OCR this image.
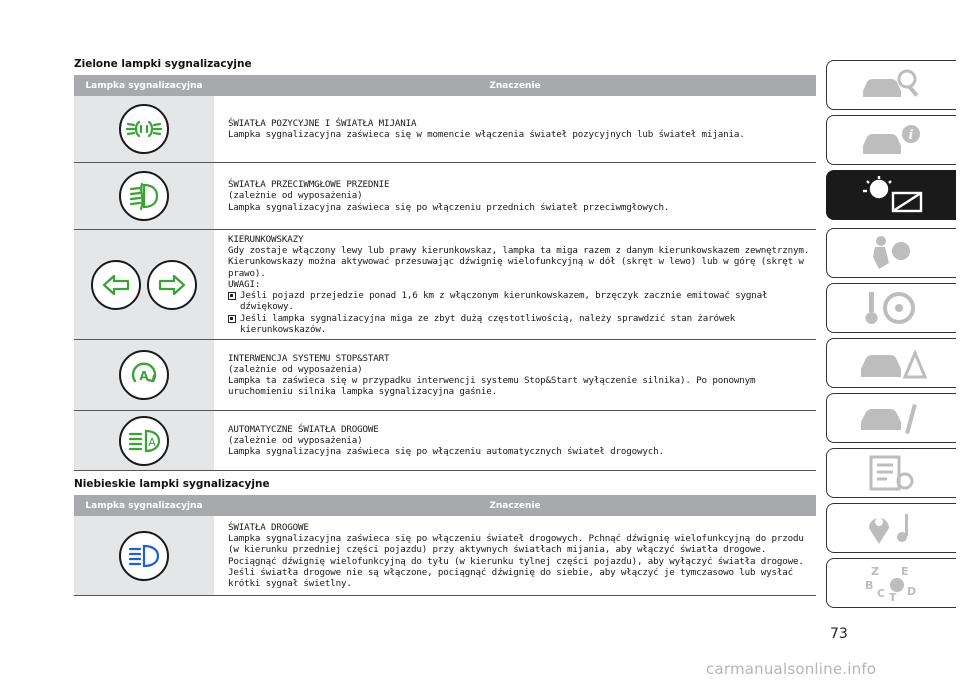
Zielone lampki sygnalizacyjne
Lampka sygnalizacyjna	Znaczenie

ŚWIATŁA POZYCYJNE I ŚWIATŁA MIJANIA

Lampka sygnalizacyjna zaświeca się w momencie włączenia świateł pozycyjnych lub świateł mijania.

ŚWIATŁA PRZECIWMGŁOWE PRZEDNIE

(zależnie od wyposażenia)

Lampka sygnalizacyjna zaświeca się po włączeniu przednich świateł przeciwmgłowych.

KIERUNKOWSKAZY

Gdy zostaje włączony lewy lub prawy kierunkowskaz, lampka ta miga razem z danym kierunkowskazem zewnętrznym. Kierunkowskazy można aktywować przesuwając dźwignię wielofunkcyjną w dół (skręt w lewo) lub w górę (skręt w prawo).

UWAGI:

Jeśli pojazd przejedzie ponad 1,6 km z włączonym kierunkowskazem, brzęczyk zacznie emitować sygnał dźwiękowy.
Jeśli lampka sygnalizacyjna miga ze zbyt dużą częstotliwością, należy sprawdzić stan żarówek kierunkowskazów.
A

INTERWENCJA SYSTEMU STOP&START

(zależnie od wyposażenia)

Lampka ta zaświeca się w przypadku interwencji systemu Stop&Start wyłączenie silnika). Po ponownym uruchomieniu silnika lampka sygnalizacyjna gaśnie.

A

AUTOMATYCZNE ŚWIATŁA DROGOWE

(zależnie od wyposażenia)

Lampka sygnalizacyjna zaświeca się po włączeniu automatycznych świateł drogowych.

Niebieskie lampki sygnalizacyjne
Lampka sygnalizacyjna	Znaczenie

ŚWIATŁA DROGOWE

Lampka sygnalizacyjna zaświeca się po włączeniu świateł drogowych. Pchnąć dźwignię wielofunkcyjną do przodu (w kierunku przedniej części pojazdu) przy aktywnych światłach mijania, aby włączyć światła drogowe. Pociągnąć dźwignię wielofunkcyjną do tyłu (w kierunku tylnej części pojazdu), aby wyłączyć światła drogowe. Jeśli światła drogowe nie są włączone, pociągnąć dźwignię do siebie, aby włączyć je tymczasowo lub wysłać krótki sygnał świetlny.

i
Z E
B
C T D
73
carmanualsonline.info
